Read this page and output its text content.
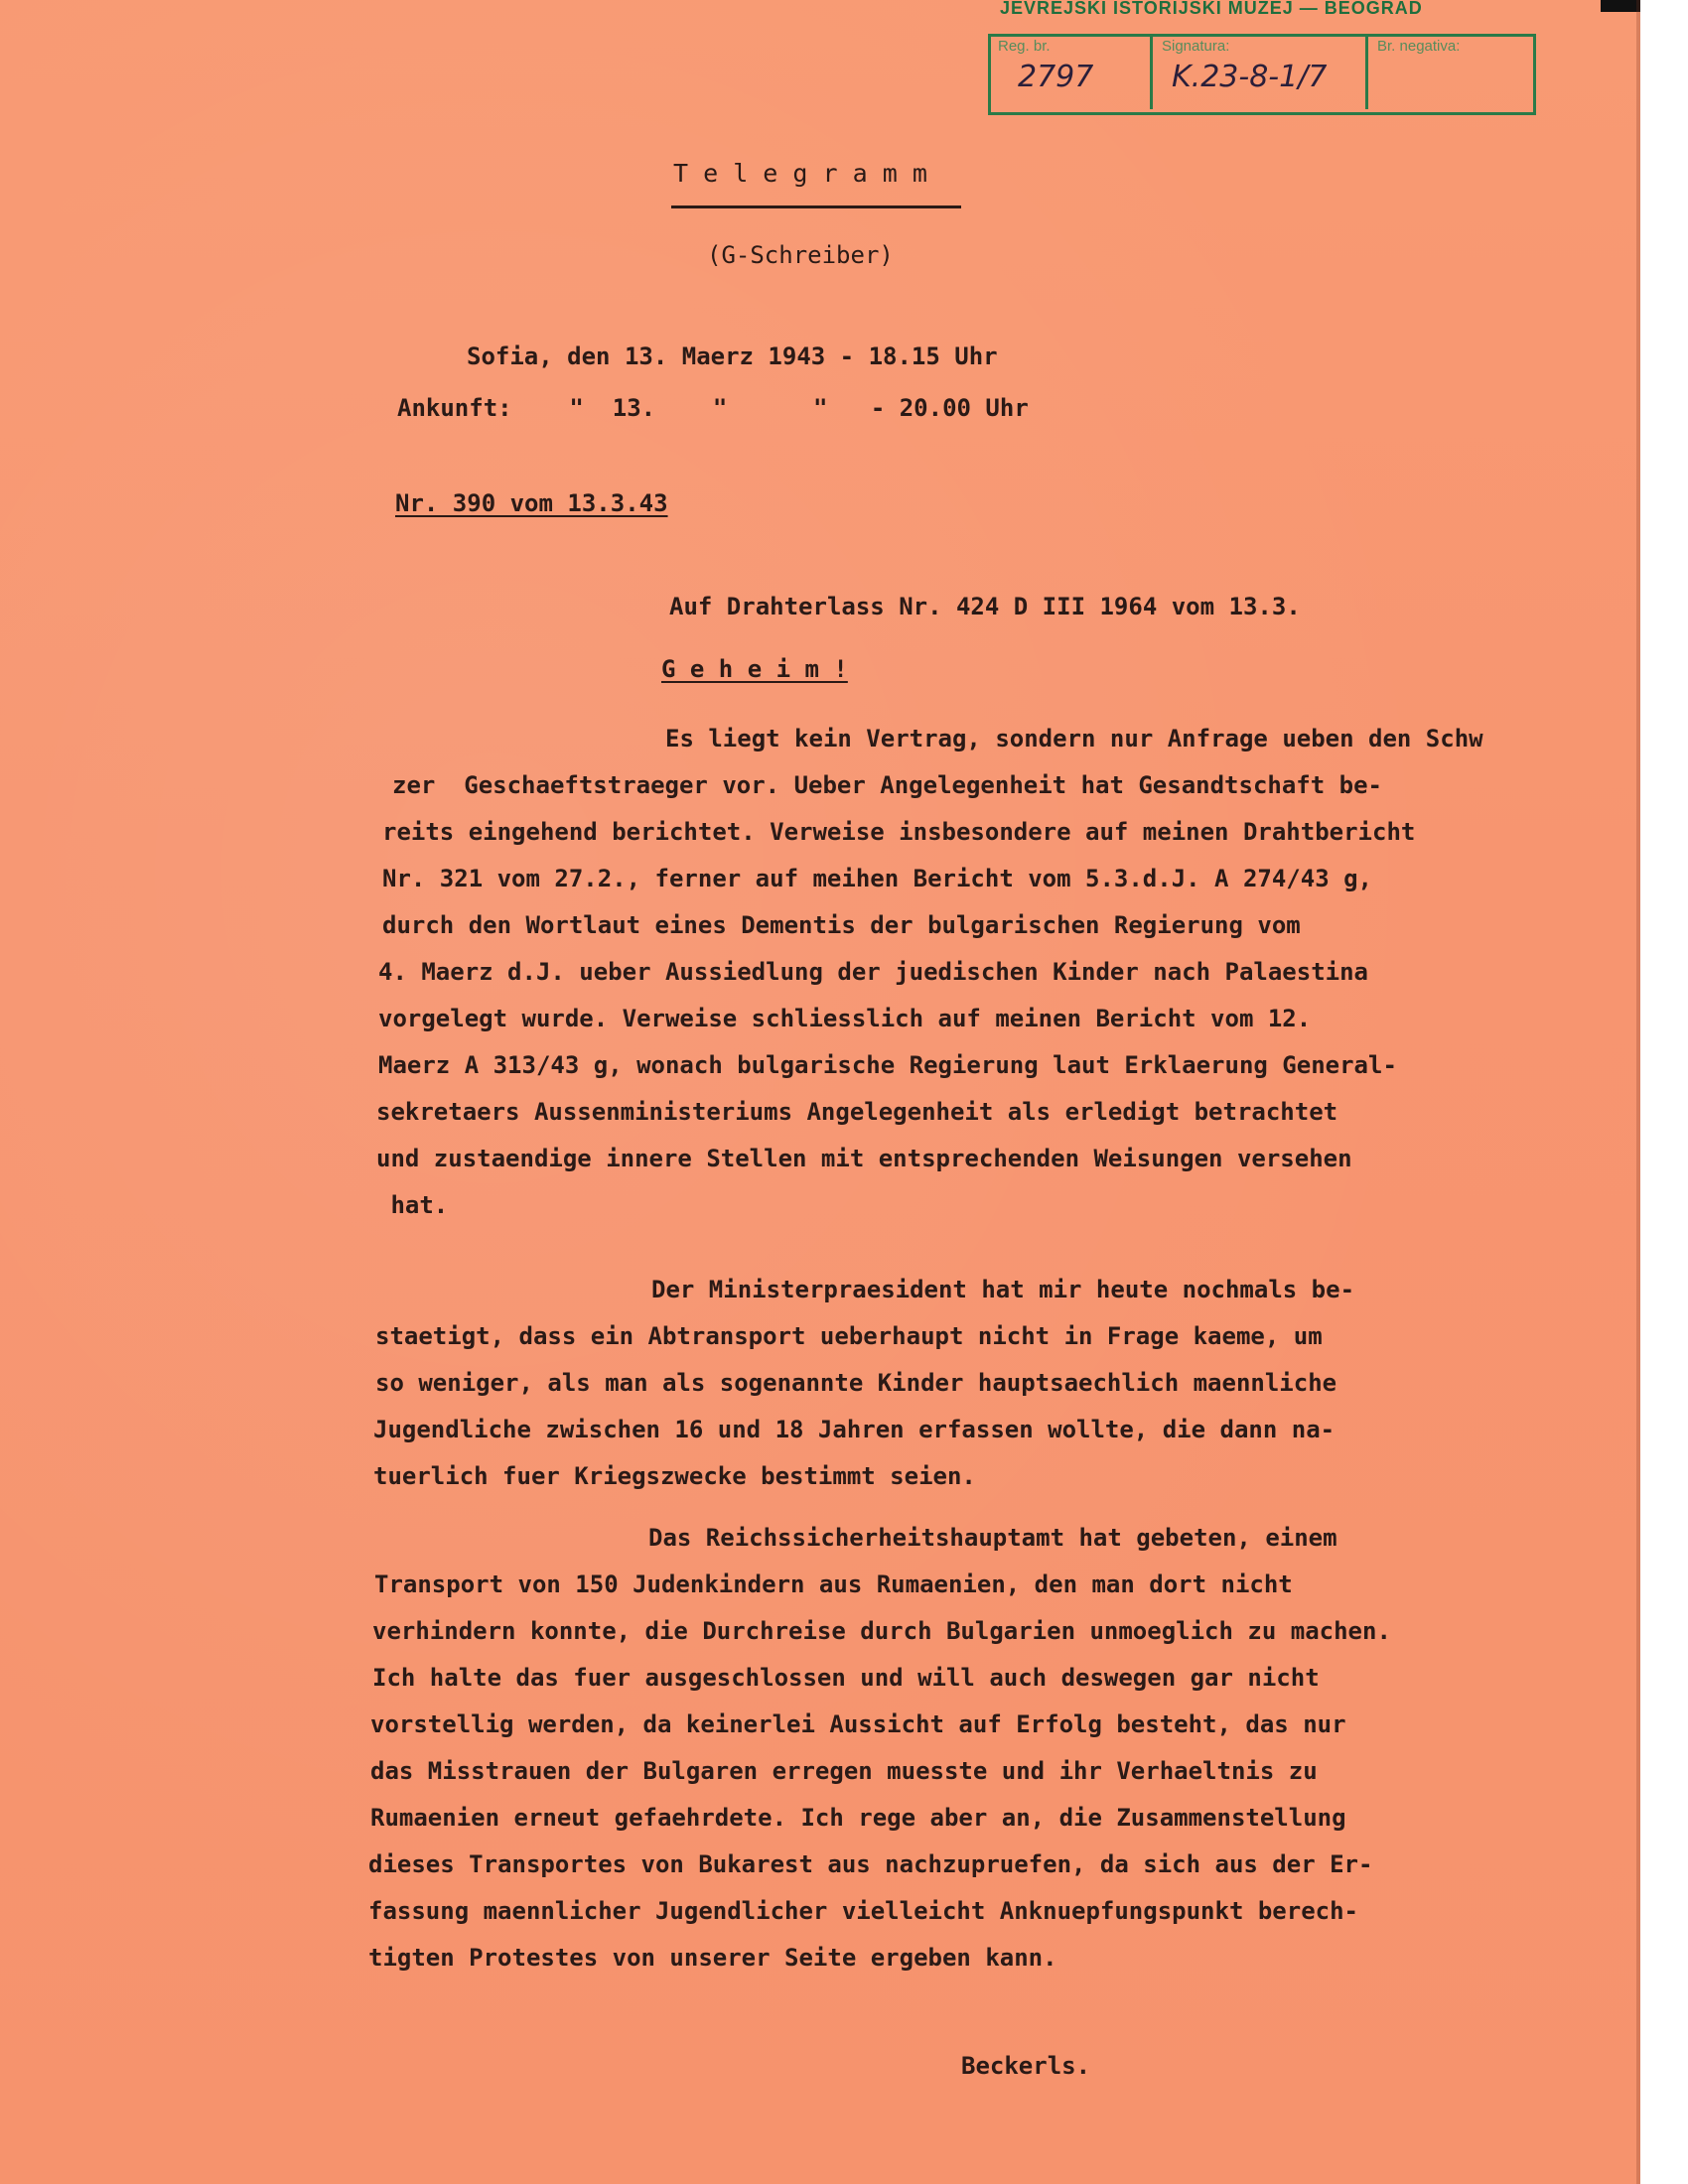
JEVREJSKI ISTORIJSKI MUZEJ — BEOGRAD
Reg. br.	Signatura:	Br. negativa:
2797	K.23-8-1/7
T e l e g r a m m
(G-Schreiber)
Sofia, den 13. Maerz 1943 - 18.15 Uhr
Ankunft:    "  13.    "      "   - 20.00 Uhr
Nr. 390 vom 13.3.43
Auf Drahterlass Nr. 424 D III 1964 vom 13.3.
G e h e i m !
Es liegt kein Vertrag, sondern nur Anfrage ueben den Schw
zer  Geschaeftstraeger vor. Ueber Angelegenheit hat Gesandtschaft be-
reits eingehend berichtet. Verweise insbesondere auf meinen Drahtbericht
Nr. 321 vom 27.2., ferner auf meihen Bericht vom 5.3.d.J. A 274/43 g,
durch den Wortlaut eines Dementis der bulgarischen Regierung vom
4. Maerz d.J. ueber Aussiedlung der juedischen Kinder nach Palaestina
vorgelegt wurde. Verweise schliesslich auf meinen Bericht vom 12.
Maerz A 313/43 g, wonach bulgarische Regierung laut Erklaerung General-
sekretaers Aussenministeriums Angelegenheit als erledigt betrachtet
und zustaendige innere Stellen mit entsprechenden Weisungen versehen
hat.
Der Ministerpraesident hat mir heute nochmals be-
staetigt, dass ein Abtransport ueberhaupt nicht in Frage kaeme, um
so weniger, als man als sogenannte Kinder hauptsaechlich maennliche
Jugendliche zwischen 16 und 18 Jahren erfassen wollte, die dann na-
tuerlich fuer Kriegszwecke bestimmt seien.
Das Reichssicherheitshauptamt hat gebeten, einem
Transport von 150 Judenkindern aus Rumaenien, den man dort nicht
verhindern konnte, die Durchreise durch Bulgarien unmoeglich zu machen.
Ich halte das fuer ausgeschlossen und will auch deswegen gar nicht
vorstellig werden, da keinerlei Aussicht auf Erfolg besteht, das nur
das Misstrauen der Bulgaren erregen muesste und ihr Verhaeltnis zu
Rumaenien erneut gefaehrdete. Ich rege aber an, die Zusammenstellung
dieses Transportes von Bukarest aus nachzupruefen, da sich aus der Er-
fassung maennlicher Jugendlicher vielleicht Anknuepfungspunkt berech-
tigten Protestes von unserer Seite ergeben kann.
Beckerls.
